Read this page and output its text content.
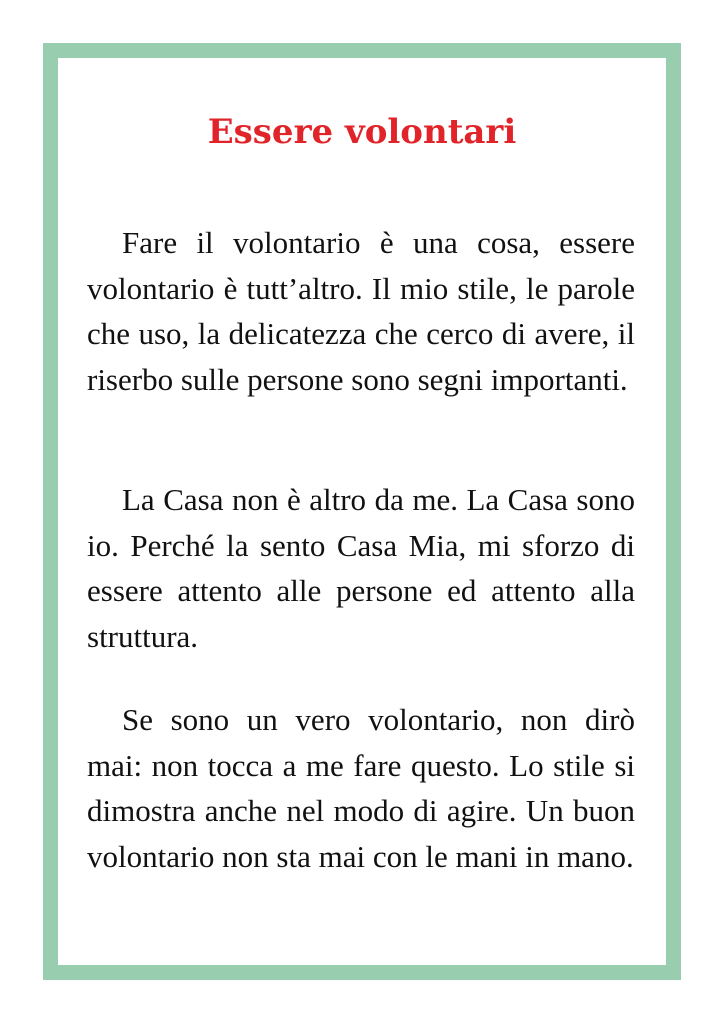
Essere volontari

Fare il volontario è una cosa, essere volontario è tutt’altro. Il mio stile, le parole che uso, la delicatezza che cerco di avere, il riserbo sulle persone sono segni importanti.

La Casa non è altro da me. La Casa sono io. Perché la sento Casa Mia, mi sforzo di essere attento alle persone ed attento alla struttura.

Se sono un vero volontario, non dirò mai: non tocca a me fare questo. Lo stile si dimostra anche nel modo di agire. Un buon volontario non sta mai con le mani in mano.
